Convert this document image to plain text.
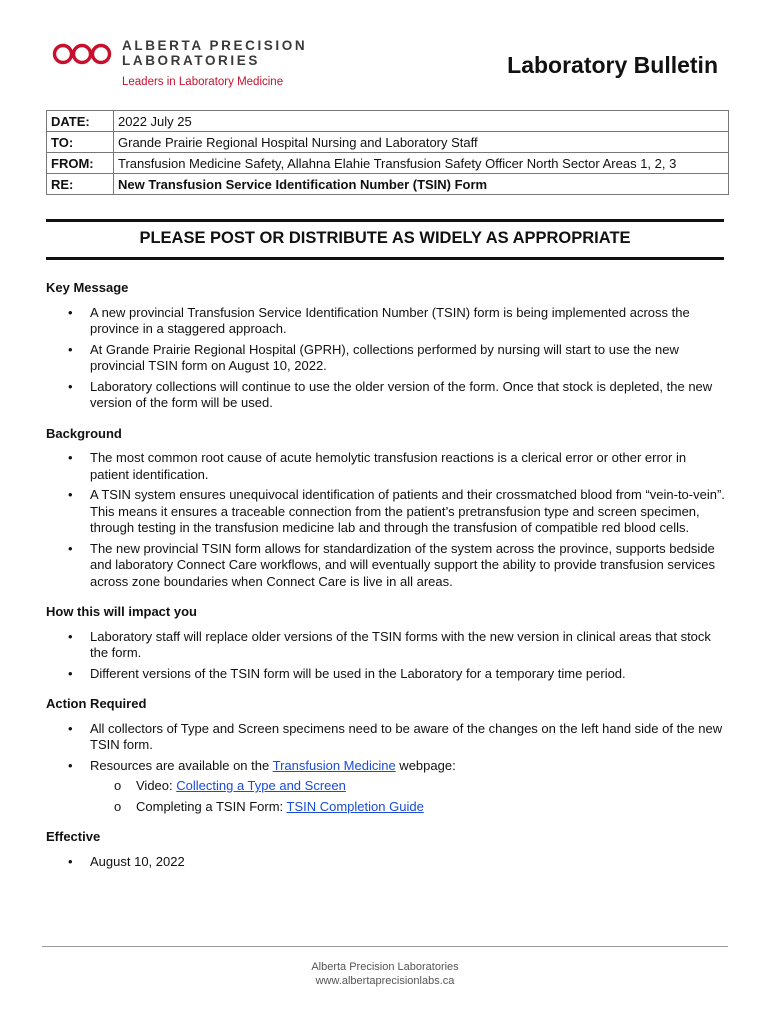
ALBERTA PRECISION
LABORATORIES
Leaders in Laboratory Medicine
Laboratory Bulletin
DATE:	2022 July 25
TO:	Grande Prairie Regional Hospital Nursing and Laboratory Staff
FROM:	Transfusion Medicine Safety, Allahna Elahie Transfusion Safety Officer North Sector Areas 1, 2, 3
RE:	New Transfusion Service Identification Number (TSIN) Form
PLEASE POST OR DISTRIBUTE AS WIDELY AS APPROPRIATE
Key Message
• A new provincial Transfusion Service Identification Number (TSIN) form is being implemented across the province in a staggered approach.
• At Grande Prairie Regional Hospital (GPRH), collections performed by nursing will start to use the new provincial TSIN form on August 10, 2022.
• Laboratory collections will continue to use the older version of the form. Once that stock is depleted, the new version of the form will be used.
Background
• The most common root cause of acute hemolytic transfusion reactions is a clerical error or other error in patient identification.
• A TSIN system ensures unequivocal identification of patients and their crossmatched blood from “vein-to-vein”. This means it ensures a traceable connection from the patient’s pretransfusion type and screen specimen, through testing in the transfusion medicine lab and through the transfusion of compatible red blood cells.
• The new provincial TSIN form allows for standardization of the system across the province, supports bedside and laboratory Connect Care workflows, and will eventually support the ability to provide transfusion services across zone boundaries when Connect Care is live in all areas.
How this will impact you
• Laboratory staff will replace older versions of the TSIN forms with the new version in clinical areas that stock the form.
• Different versions of the TSIN form will be used in the Laboratory for a temporary time period.
Action Required
• All collectors of Type and Screen specimens need to be aware of the changes on the left hand side of the new TSIN form.
• Resources are available on the Transfusion Medicine webpage:
o Video: Collecting a Type and Screen
o Completing a TSIN Form: TSIN Completion Guide
Effective
• August 10, 2022
Alberta Precision Laboratories
www.albertaprecisionlabs.ca
